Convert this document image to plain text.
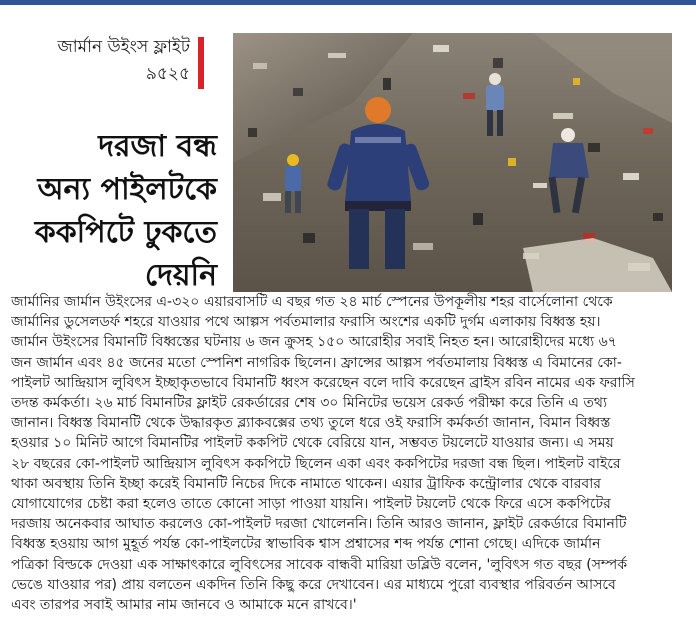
জার্মান উইংস ফ্লাইট
৯৫২৫
দরজা বন্ধ
অন্য পাইলটকে
ককপিটে ঢুকতে
দেয়নি
জার্মানির জার্মান উইংসের এ-৩২০ এয়ারবাসটি এ বছর গত ২৪ মার্চ স্পেনের উপকূলীয় শহর বার্সেলোনা থেকে
জার্মানির ডুসেলডর্ফ শহরে যাওয়ার পথে আল্পস পর্বতমালার ফরাসি অংশের একটি দুর্গম এলাকায় বিধ্বস্ত হয়।
জার্মান উইংসের বিমানটি বিধ্বস্তের ঘটনায় ৬ জন ক্রুসহ ১৫০ আরোহীর সবাই নিহত হন। আরোহীদের মধ্যে ৬৭
জন জার্মান এবং ৪৫ জনের মতো স্পেনিশ নাগরিক ছিলেন। ফ্রান্সের আল্পস পর্বতমালায় বিধ্বস্ত এ বিমানের কো-
পাইলট আন্দ্রিয়াস লুবিৎস ইচ্ছাকৃতভাবে বিমানটি ধ্বংস করেছেন বলে দাবি করেছেন ব্রাইস রবিন নামের এক ফরাসি
তদন্ত কর্মকর্তা। ২৬ মার্চ বিমানটির ফ্লাইট রেকর্ডারের শেষ ৩০ মিনিটের ভয়েস রেকর্ড পরীক্ষা করে তিনি এ তথ্য
জানান। বিধ্বস্ত বিমানটি থেকে উদ্ধারকৃত ব্ল্যাকবক্সের তথ্য তুলে ধরে ওই ফরাসি কর্মকর্তা জানান, বিমান বিধ্বস্ত
হওয়ার ১০ মিনিট আগে বিমানটির পাইলট ককপিট থেকে বেরিয়ে যান, সম্ভবত টয়লেটে যাওয়ার জন্য। এ সময়
২৮ বছরের কো-পাইলট আন্দ্রিয়াস লুবিৎস ককপিটে ছিলেন একা এবং ককপিটের দরজা বন্ধ ছিল। পাইলট বাইরে
থাকা অবস্থায় তিনি ইচ্ছা করেই বিমানটি নিচের দিকে নামাতে থাকেন। এয়ার ট্রাফিক কন্ট্রোলার থেকে বারবার
যোগাযোগের চেষ্টা করা হলেও তাতে কোনো সাড়া পাওয়া যায়নি। পাইলট টয়লেট থেকে ফিরে এসে ককপিটের
দরজায় অনেকবার আঘাত করলেও কো-পাইলট দরজা খোলেননি। তিনি আরও জানান, ফ্লাইট রেকর্ডারে বিমানটি
বিধ্বস্ত হওয়ায় আগ মুহূর্ত পর্যন্ত কো-পাইলটের স্বাভাবিক শ্বাস প্রশ্বাসের শব্দ পর্যন্ত শোনা গেছে। এদিকে জার্মান
পত্রিকা বিল্ডকে দেওয়া এক সাক্ষাৎকারে লুবিৎসের সাবেক বান্ধবী মারিয়া ডব্লিউ বলেন, 'লুবিৎস গত বছর (সম্পর্ক
ভেঙে যাওয়ার পর) প্রায় বলতেন একদিন তিনি কিছু করে দেখাবেন। এর মাধ্যমে পুরো ব্যবস্থার পরিবর্তন আসবে
এবং তারপর সবাই আমার নাম জানবে ও আমাকে মনে রাখবে।'
